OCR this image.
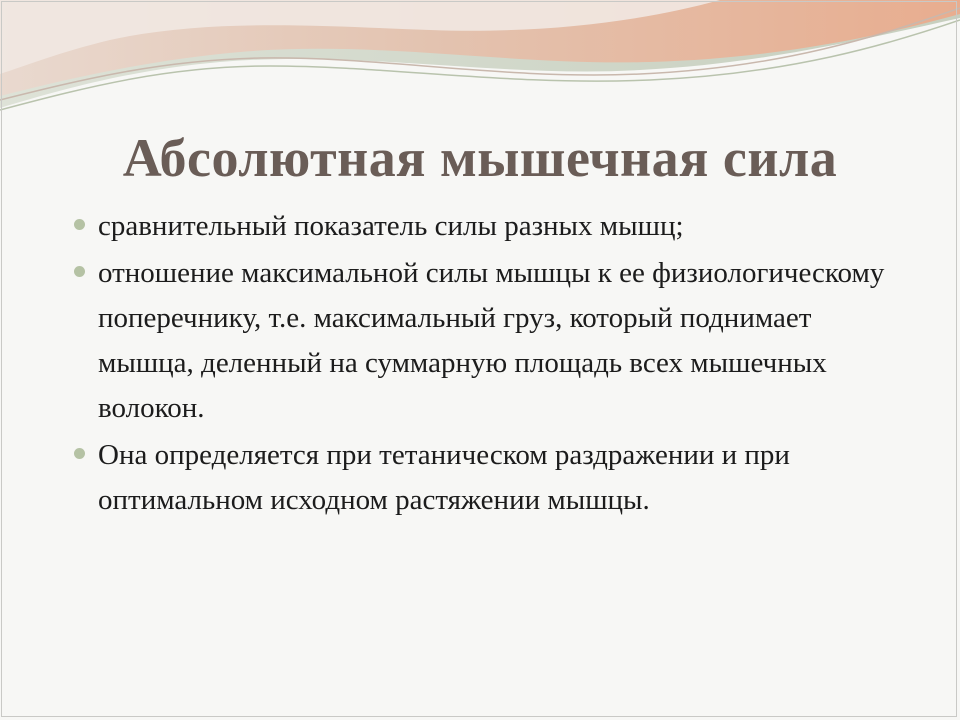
Абсолютная мышечная сила
сравнительный показатель силы разных мышц;
отношение максимальной силы мышцы к ее физиологическому поперечнику, т.е. максимальный груз, который поднимает мышца, деленный на суммарную площадь всех мышечных волокон.
Она определяется при тетаническом раздражении и при оптимальном исходном растяжении мышцы.
